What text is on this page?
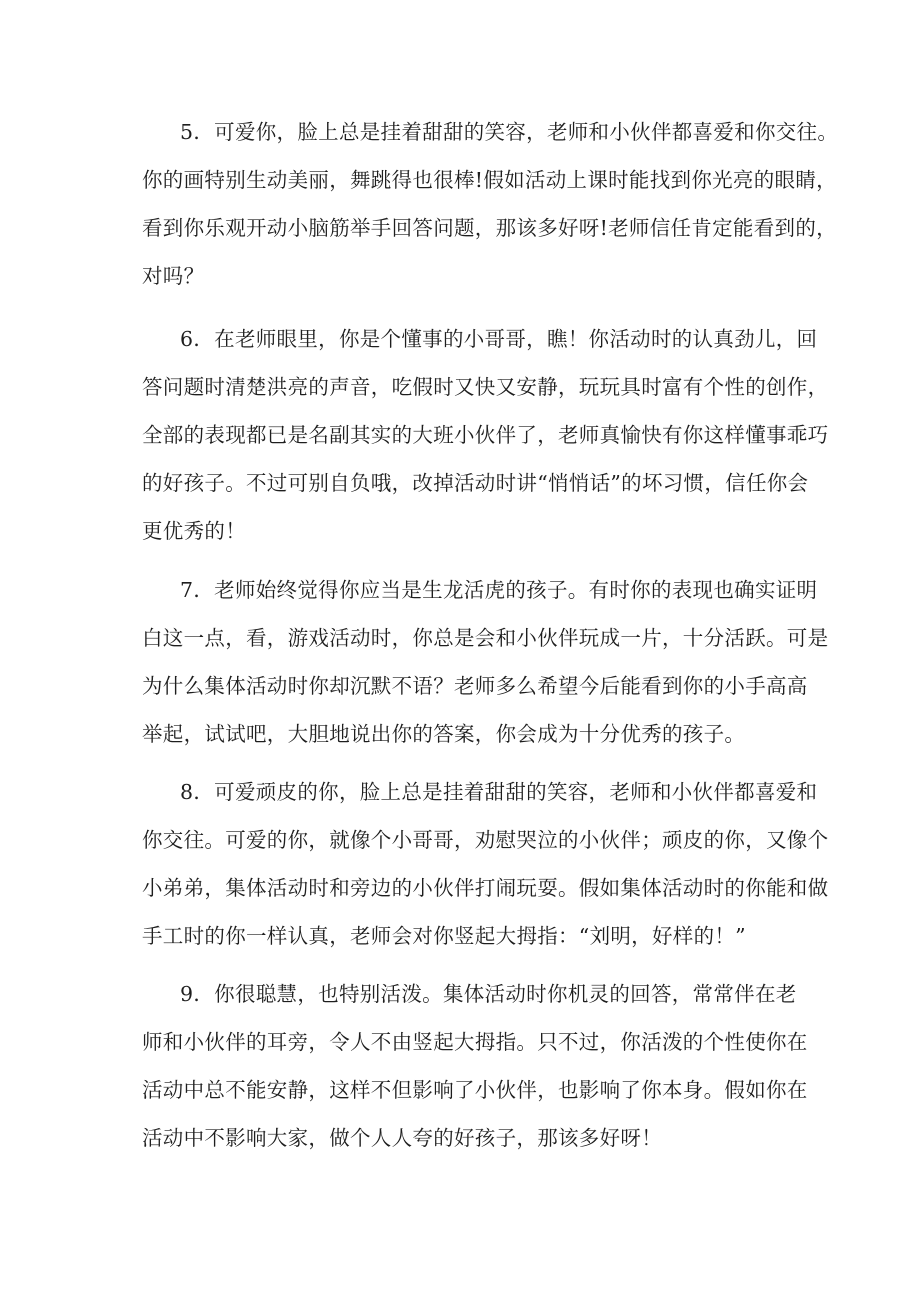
5．可爱你，脸上总是挂着甜甜的笑容，老师和小伙伴都喜爱和你交往。
你的画特别生动美丽，舞跳得也很棒!假如活动上课时能找到你光亮的眼睛，
看到你乐观开动小脑筋举手回答问题，那该多好呀!老师信任肯定能看到的，
对吗？
6．在老师眼里，你是个懂事的小哥哥，瞧！你活动时的认真劲儿，回
答问题时清楚洪亮的声音，吃假时又快又安静，玩玩具时富有个性的创作，
全部的表现都已是名副其实的大班小伙伴了，老师真愉快有你这样懂事乖巧
的好孩子。不过可别自负哦，改掉活动时讲“悄悄话”的坏习惯，信任你会
更优秀的！
7．老师始终觉得你应当是生龙活虎的孩子。有时你的表现也确实证明
白这一点，看，游戏活动时，你总是会和小伙伴玩成一片，十分活跃。可是
为什么集体活动时你却沉默不语？老师多么希望今后能看到你的小手高高
举起，试试吧，大胆地说出你的答案，你会成为十分优秀的孩子。
8．可爱顽皮的你，脸上总是挂着甜甜的笑容，老师和小伙伴都喜爱和
你交往。可爱的你，就像个小哥哥，劝慰哭泣的小伙伴；顽皮的你，又像个
小弟弟，集体活动时和旁边的小伙伴打闹玩耍。假如集体活动时的你能和做
手工时的你一样认真，老师会对你竖起大拇指：“刘明，好样的！”
9．你很聪慧，也特别活泼。集体活动时你机灵的回答，常常伴在老
师和小伙伴的耳旁，令人不由竖起大拇指。只不过，你活泼的个性使你在
活动中总不能安静，这样不但影响了小伙伴，也影响了你本身。假如你在
活动中不影响大家，做个人人夸的好孩子，那该多好呀！
